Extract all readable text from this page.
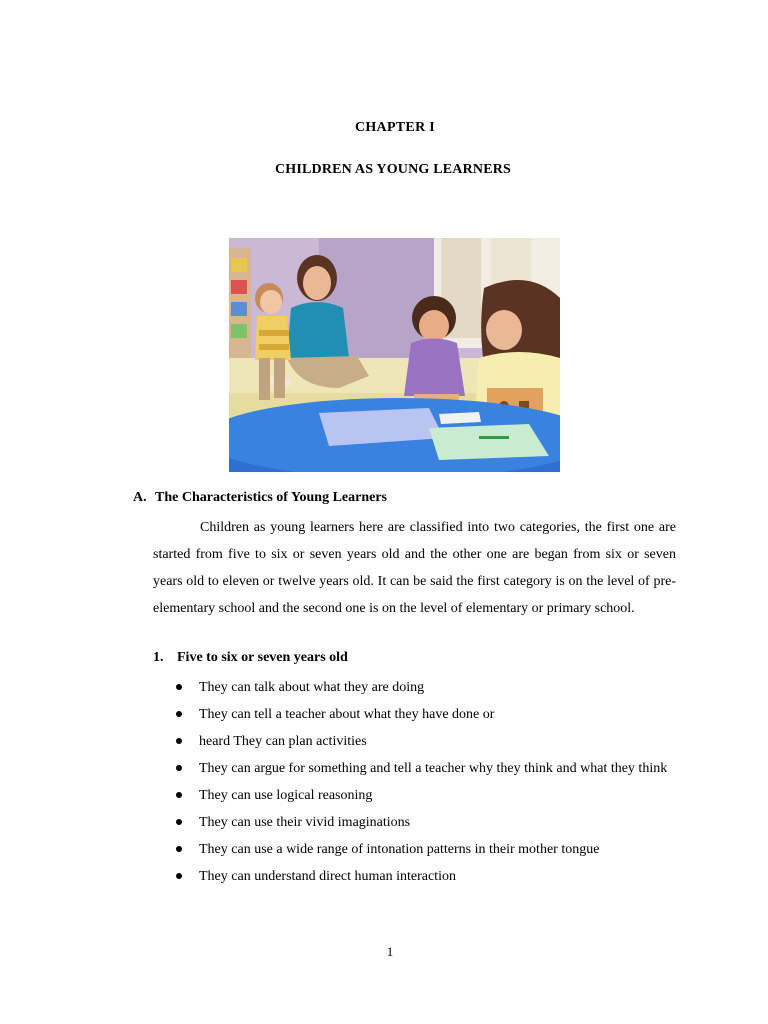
CHAPTER I
CHILDREN AS YOUNG LEARNERS
A. The Characteristics of Young Learners
Children as young learners here are classified into two categories, the first one are started from five to six or seven years old and the other one are began from six or seven years old to eleven or twelve years old. It can be said the first category is on the level of pre-elementary school and the second one is on the level of elementary or primary school.
1. Five to six or seven years old
They can talk about what they are doing
They can tell a teacher about what they have done or
heard They can plan activities
They can argue for something and tell a teacher why they think and what they think
They can use logical reasoning
They can use their vivid imaginations
They can use a wide range of intonation patterns in their mother tongue
They can understand direct human interaction
1
